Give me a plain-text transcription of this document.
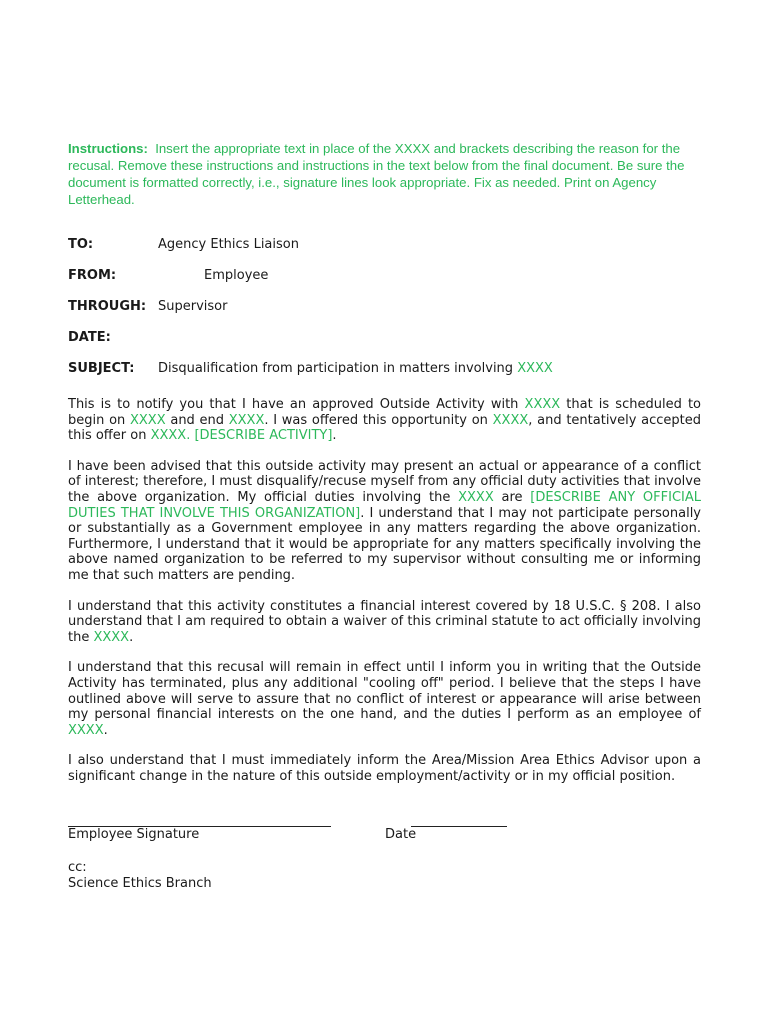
Instructions: Insert the appropriate text in place of the XXXX and brackets describing the reason for the recusal. Remove these instructions and instructions in the text below from the final document. Be sure the document is formatted correctly, i.e., signature lines look appropriate. Fix as needed. Print on Agency Letterhead.
TO:	Agency Ethics Liaison
FROM:	Employee
THROUGH: Supervisor
DATE:
SUBJECT: Disqualification from participation in matters involving XXXX

This is to notify you that I have an approved Outside Activity with XXXX that is scheduled to begin on XXXX and end XXXX. I was offered this opportunity on XXXX, and tentatively accepted this offer on XXXX. [DESCRIBE ACTIVITY].

I have been advised that this outside activity may present an actual or appearance of a conflict of interest; therefore, I must disqualify/recuse myself from any official duty activities that involve the above organization. My official duties involving the XXXX are [DESCRIBE ANY OFFICIAL DUTIES THAT INVOLVE THIS ORGANIZATION]. I understand that I may not participate personally or substantially as a Government employee in any matters regarding the above organization. Furthermore, I understand that it would be appropriate for any matters specifically involving the above named organization to be referred to my supervisor without consulting me or informing me that such matters are pending.

I understand that this activity constitutes a financial interest covered by 18 U.S.C. § 208. I also understand that I am required to obtain a waiver of this criminal statute to act officially involving the XXXX.

I understand that this recusal will remain in effect until I inform you in writing that the Outside Activity has terminated, plus any additional "cooling off" period. I believe that the steps I have outlined above will serve to assure that no conflict of interest or appearance will arise between my personal financial interests on the one hand, and the duties I perform as an employee of XXXX.

I also understand that I must immediately inform the Area/Mission Area Ethics Advisor upon a significant change in the nature of this outside employment/activity or in my official position.

Employee Signature	Date
cc:
Science Ethics Branch
